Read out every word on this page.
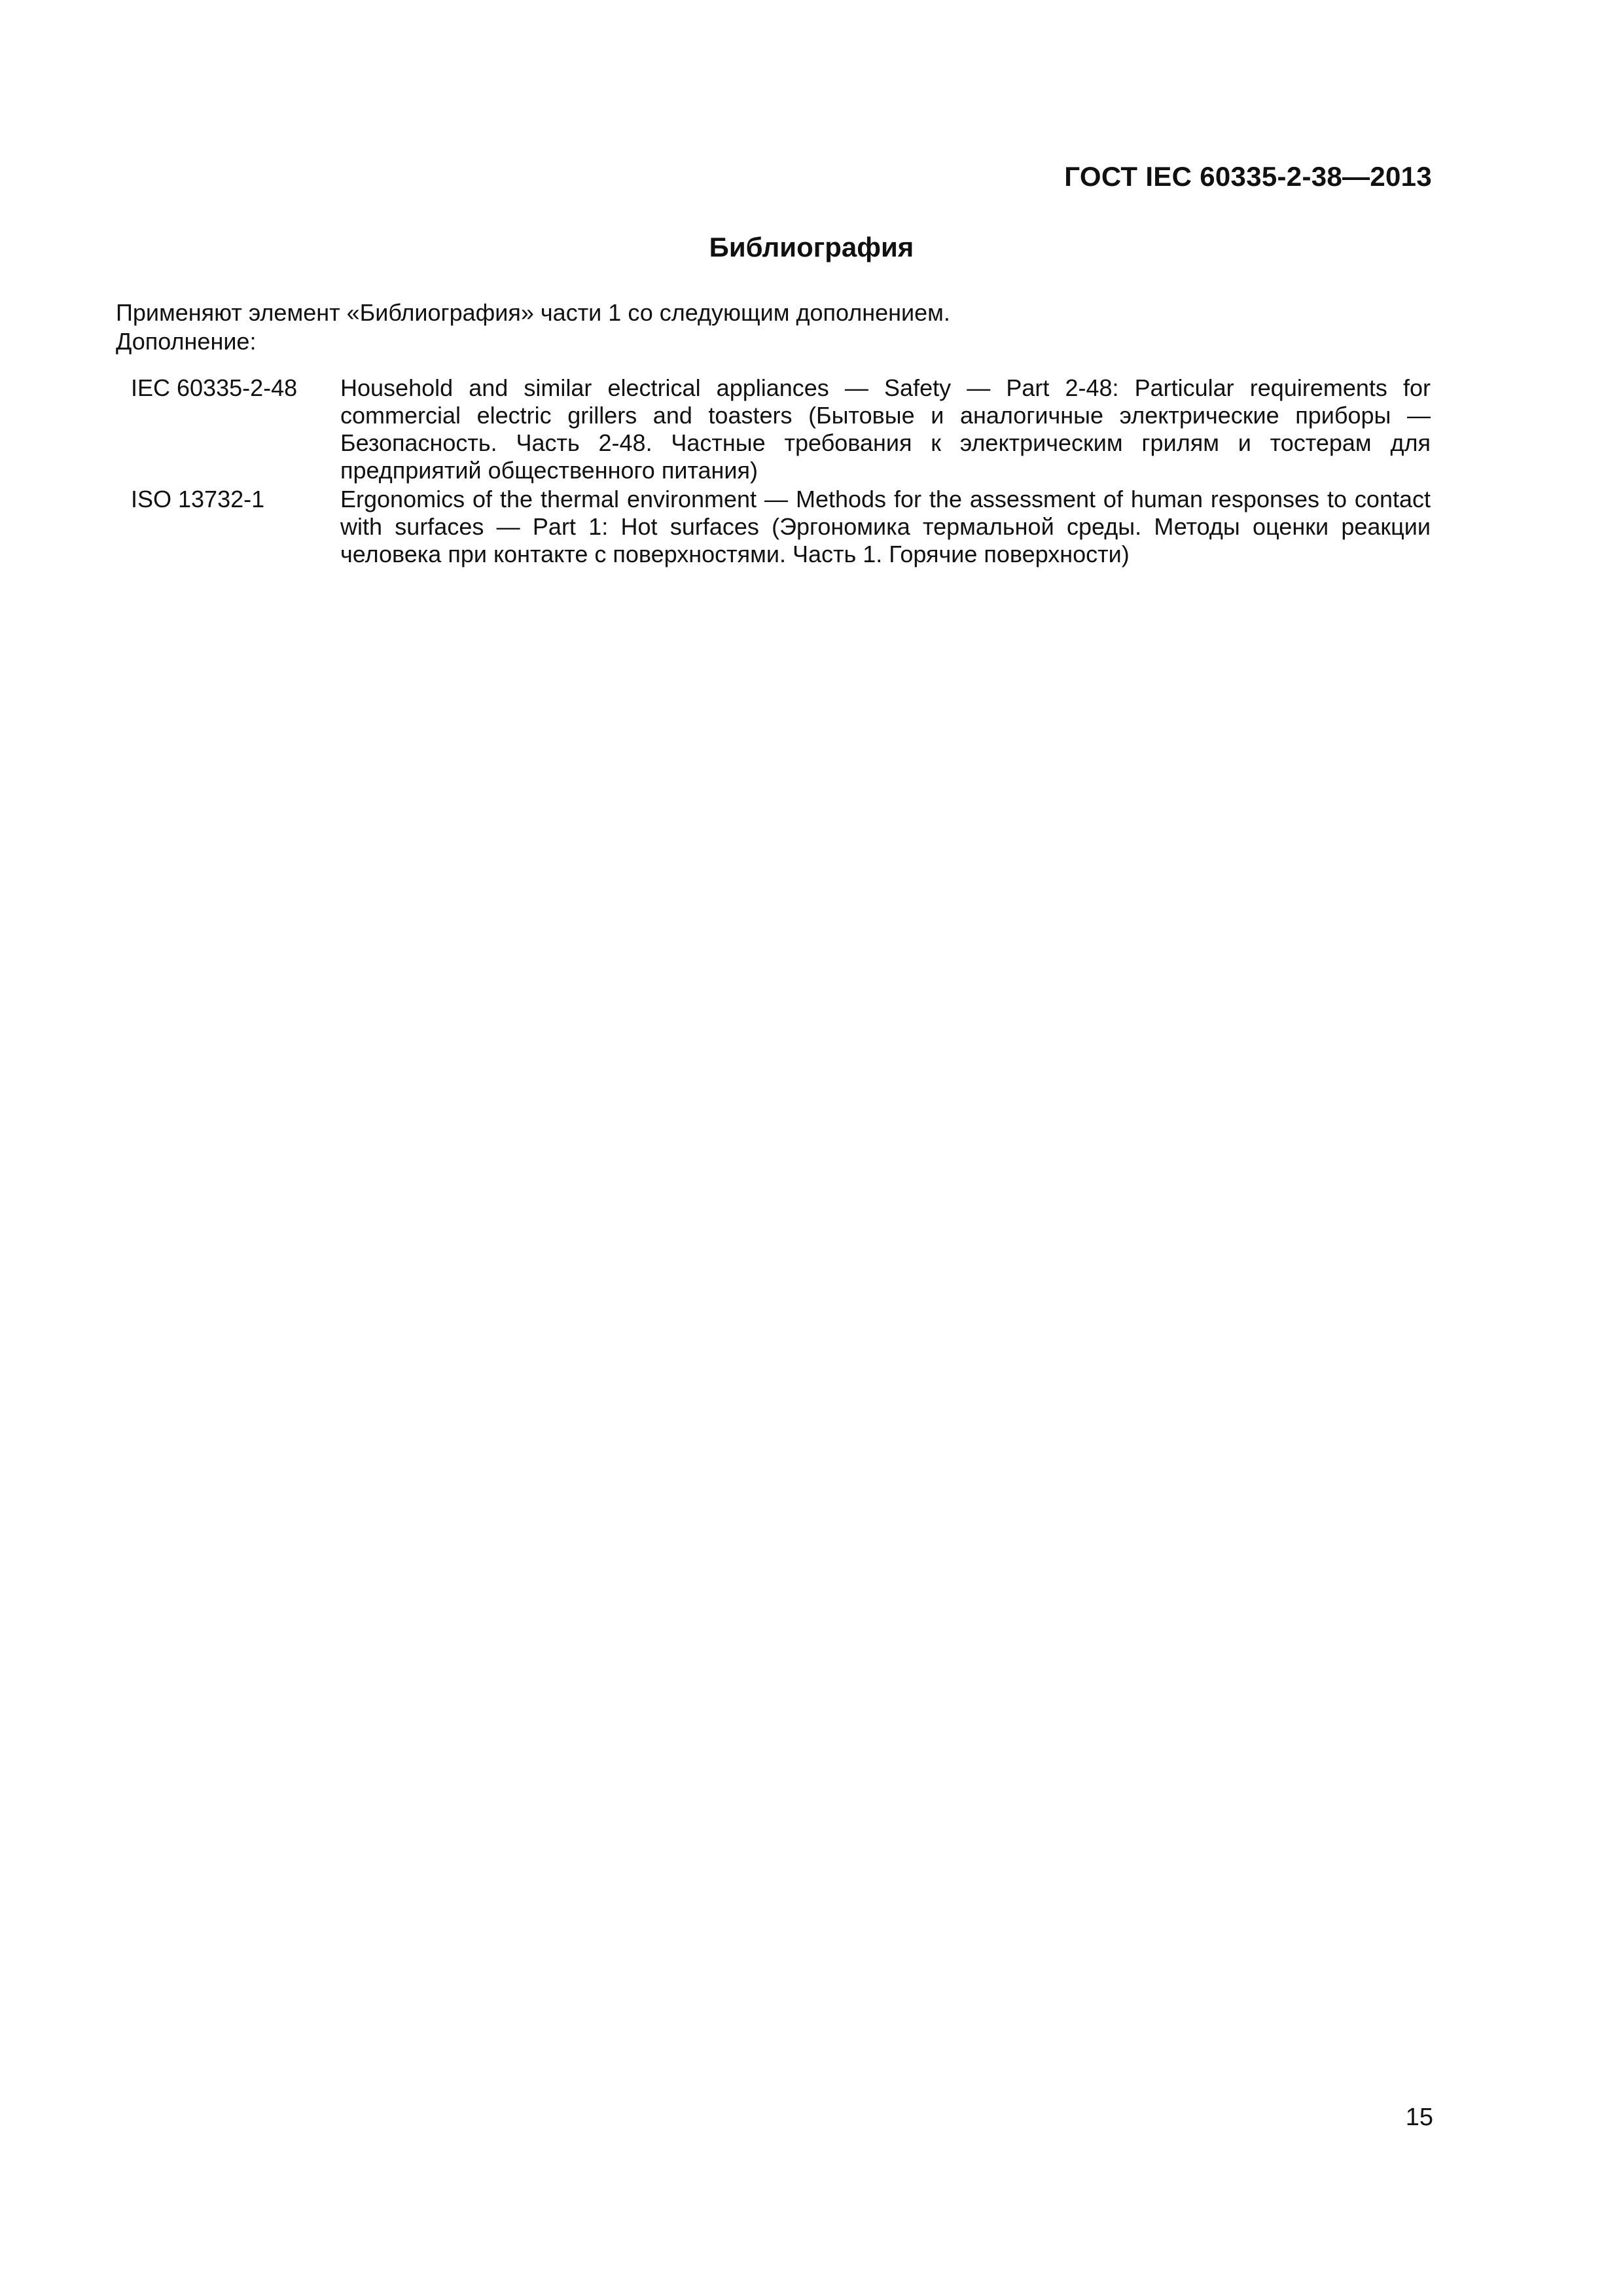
ГОСТ IEC 60335-2-38—2013
Библиография
Применяют элемент «Библиография» части 1 со следующим дополнением.
Дополнение:
IEC 60335-2-48	Household and similar electrical appliances — Safety — Part 2-48: Particular requirements for commercial electric grillers and toasters (Бытовые и аналогичные электрические приборы — Безопасность. Часть 2-48. Частные требования к электрическим грилям и тостерам для предприятий общественного питания)
ISO 13732-1	Ergonomics of the thermal environment — Methods for the assessment of human responses to contact with surfaces — Part 1: Hot surfaces (Эргономика термальной среды. Методы оценки реакции человека при контакте с поверхностями. Часть 1. Горячие поверхности)
15
